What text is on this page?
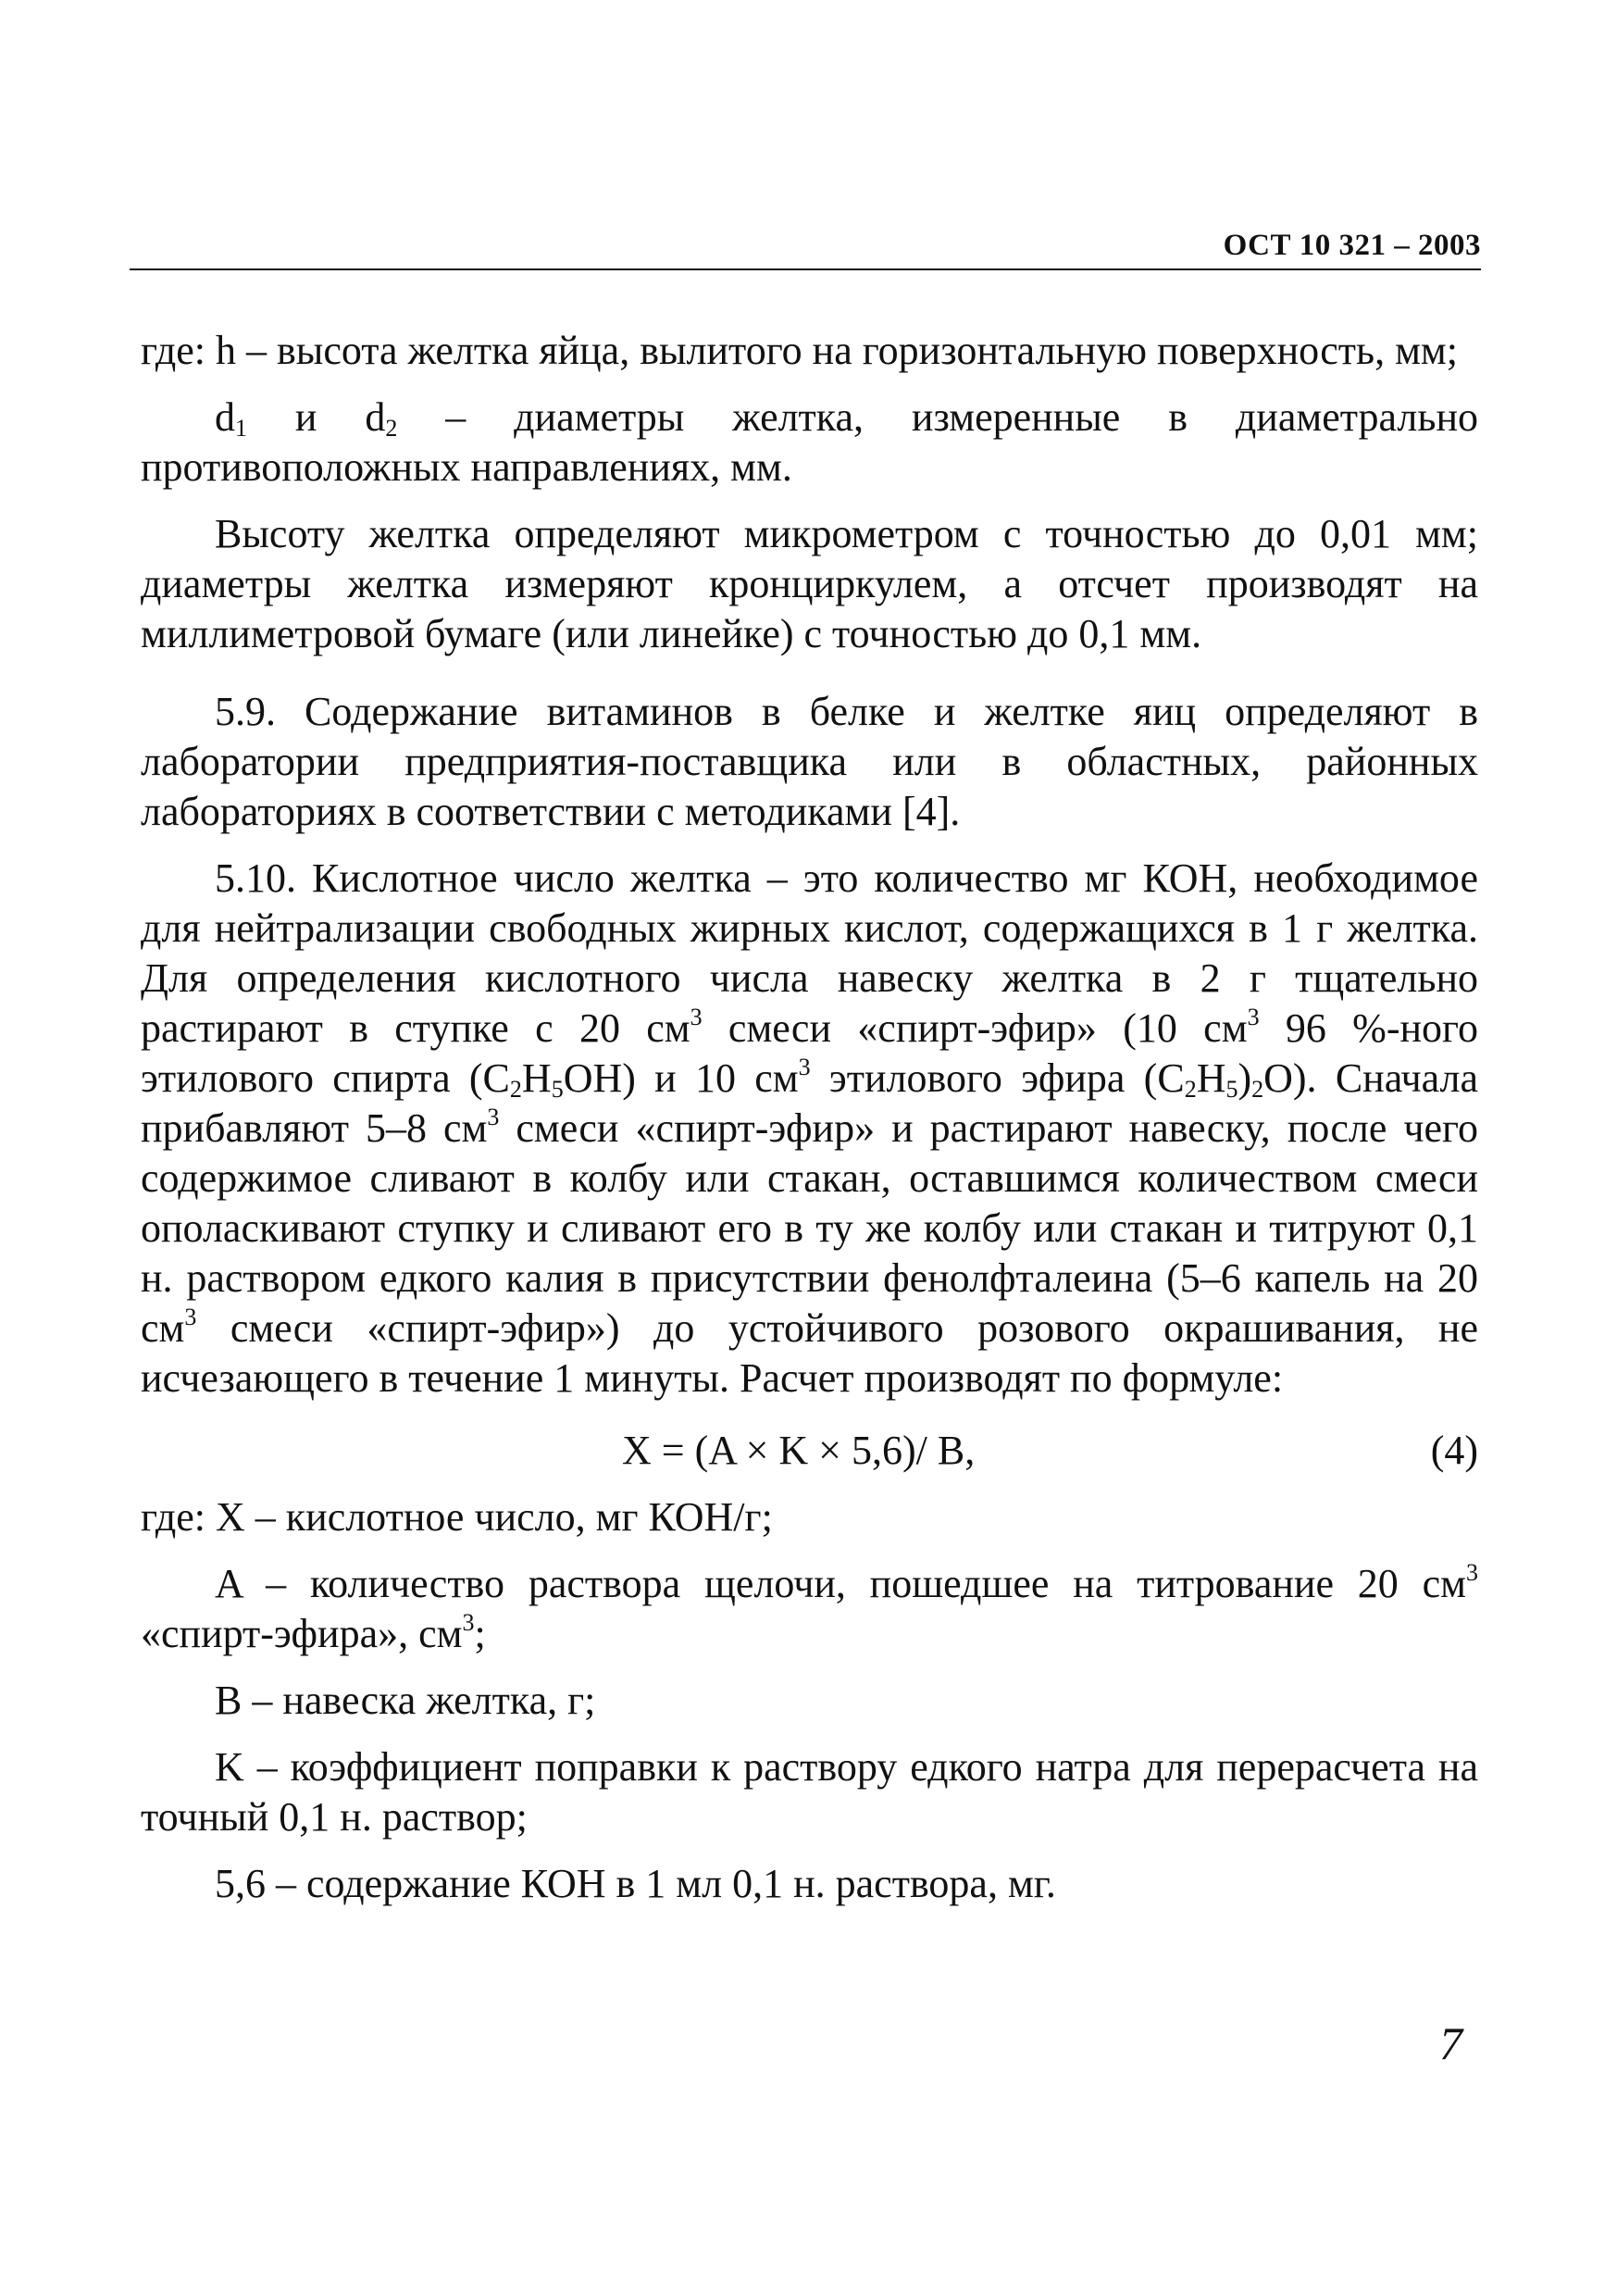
ОСТ 10 321 – 2003

где: h – высота желтка яйца, вылитого на горизонтальную поверхность, мм;

$d_1$ и $d_2$ – диаметры желтка, измеренные в диаметрально противоположных направлениях, мм.

Высоту желтка определяют микрометром с точностью до 0,01 мм; диаметры желтка измеряют кронциркулем, а отсчет производят на миллиметровой бумаге (или линейке) с точностью до 0,1 мм.

5.9. Содержание витаминов в белке и желтке яиц определяют в лаборатории предприятия-поставщика или в областных, районных лабораториях в соответствии с методиками [4].

5.10. Кислотное число желтка – это количество мг КОН, необходимое для нейтрализации свободных жирных кислот, содержащихся в 1 г желтка. Для определения кислотного числа навеску желтка в 2 г тщательно растирают в ступке с 20 $см^3$ смеси «спирт-эфир» (10 $см^3$ 96 %-ного этилового спирта $(C_2H_5OH)$ и 10 $см^3$ этилового эфира $(C_2H_5)_2O$). Сначала прибавляют 5–8 $см^3$ смеси «спирт-эфир» и растирают навеску, после чего содержимое сливают в колбу или стакан, оставшимся количеством смеси ополаскивают ступку и сливают его в ту же колбу или стакан и титруют 0,1 н. раствором едкого калия в присутствии фенолфталеина (5–6 капель на 20 $см^3$ смеси «спирт-эфир») до устойчивого розового окрашивания, не исчезающего в течение 1 минуты. Расчет производят по формуле:

X = (A × K × 5,6)/ B,	(4)

где: X – кислотное число, мг КОН/г;

A – количество раствора щелочи, пошедшее на титрование 20 $см^3$ «спирт-эфира», $см^3$;

B – навеска желтка, г;

K – коэффициент поправки к раствору едкого натра для перерасчета на точный 0,1 н. раствор;

5,6 – содержание КОН в 1 мл 0,1 н. раствора, мг.

7
